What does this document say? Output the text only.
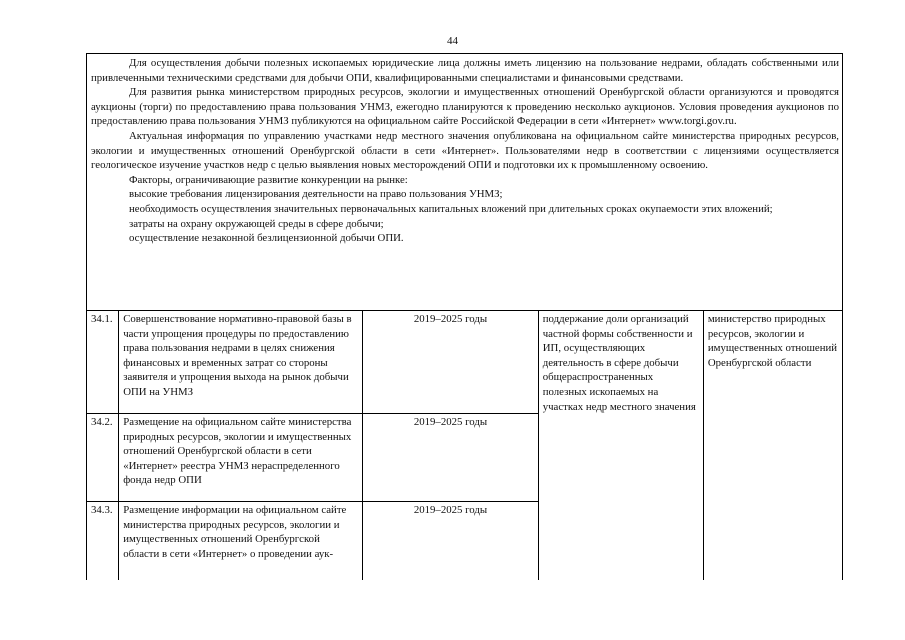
44

Для осуществления добычи полезных ископаемых юридические лица должны иметь лицензию на пользование недрами, обладать собственными или привлеченными техническими средствами для добычи ОПИ, квалифицированными специалистами и финансовыми средствами.

Для развития рынка министерством природных ресурсов, экологии и имущественных отношений Оренбургской области организуются и проводятся аукционы (торги) по предоставлению права пользования УНМЗ, ежегодно планируются к проведению несколько аукционов. Условия проведения аукционов по предоставлению права пользования УНМЗ публикуются на официальном сайте Российской Федерации в сети «Интернет» www.torgi.gov.ru.

Актуальная информация по управлению участками недр местного значения опубликована на официальном сайте министерства природных ресурсов, экологии и имущественных отношений Оренбургской области в сети «Интернет». Пользователями недр в соответствии с лицензиями осуществляется геологическое изучение участков недр с целью выявления новых месторождений ОПИ и подготовки их к промышленному освоению.

Факторы, ограничивающие развитие конкуренции на рынке:

высокие требования лицензирования деятельности на право пользования УНМЗ;

необходимость осуществления значительных первоначальных капитальных вложений при длительных сроках окупаемости этих вложений;

затраты на охрану окружающей среды в сфере добычи;

осуществление незаконной безлицензионной добычи ОПИ.

34.1.	Совершенствование нормативно-правовой базы в части упрощения процедуры по предоставлению права пользования недрами в целях снижения финансовых и временных затрат со стороны заявителя и упрощения выхода на рынок добычи ОПИ на УНМЗ	2019–2025 годы	поддержание доли организаций частной формы собственности и ИП, осуществляющих деятельность в сфере добычи общераспространенных полезных ископаемых на участках недр местного значения	министерство природных ресурсов, экологии и имущественных отношений Оренбургской области
34.2.	Размещение на официальном сайте министерства природных ресурсов, экологии и имущественных отношений Оренбургской области в сети «Интернет» реестра УНМЗ нераспределенного фонда недр ОПИ	2019–2025 годы		
34.3.	Размещение информации на официальном сайте министерства природных ресурсов, экологии и имущественных отношений Оренбургской области в сети «Интернет» о проведении аук-	2019–2025 годы		
